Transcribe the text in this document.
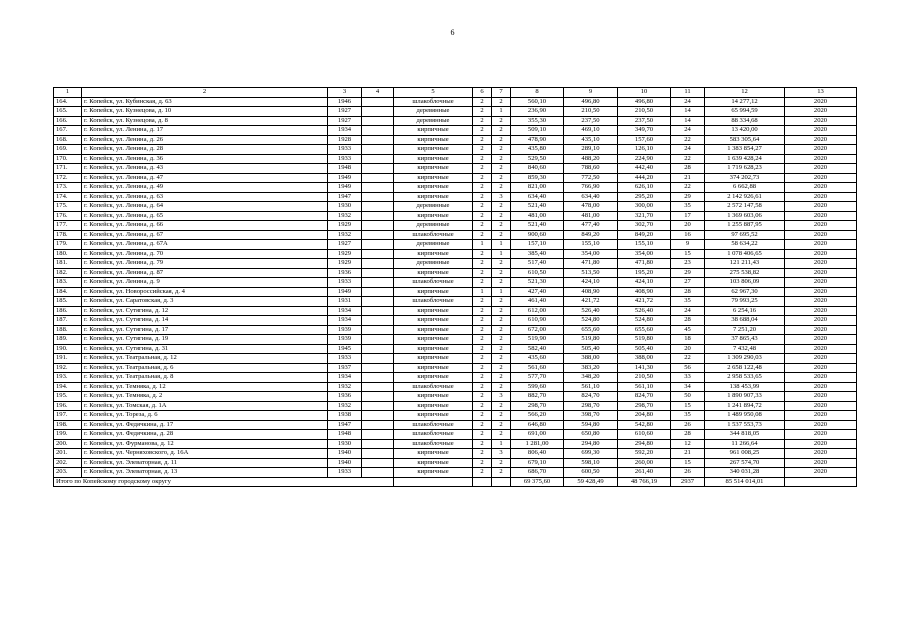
6
1	2	3	4	5	6	7	8	9	10	11	12	13
164.	г. Копейск, ул. Кубинская, д. 63	1946		шлакоблочные	2	2	560,10	496,80	496,80	24	14 277,12	2020
165.	г. Копейск, ул. Кузнецова, д. 10	1927		деревянные	2	1	236,90	210,50	210,50	14	65 994,59	2020
166.	г. Копейск, ул. Кузнецова, д. 8	1927		деревянные	2	2	355,30	237,50	237,50	14	88 334,68	2020
167.	г. Копейск, ул. Ленина, д. 17	1934		кирпичные	2	2	509,10	469,10	349,70	24	13 420,00	2020
168.	г. Копейск, ул. Ленина, д. 26	1928		кирпичные	2	2	478,90	435,10	157,60	22	583 305,64	2020
169.	г. Копейск, ул. Ленина, д. 28	1933		кирпичные	2	2	435,80	289,10	126,10	24	1 383 854,27	2020
170.	г. Копейск, ул. Ленина, д. 36	1933		кирпичные	2	2	529,50	488,20	224,90	22	1 639 428,24	2020
171.	г. Копейск, ул. Ленина, д. 43	1948		кирпичные	2	2	840,60	788,60	442,40	28	1 719 628,23	2020
172.	г. Копейск, ул. Ленина, д. 47	1949		кирпичные	2	2	859,30	772,50	444,20	21	374 202,73	2020
173.	г. Копейск, ул. Ленина, д. 49	1949		кирпичные	2	2	821,00	766,90	626,10	22	6 662,88	2020
174.	г. Копейск, ул. Ленина, д. 63	1947		кирпичные	2	3	634,40	634,40	295,20	29	2 142 926,61	2020
175.	г. Копейск, ул. Ленина, д. 64	1930		деревянные	2	2	521,40	478,00	300,00	35	2 572 147,58	2020
176.	г. Копейск, ул. Ленина, д. 65	1932		кирпичные	2	2	481,00	481,00	321,70	17	1 369 603,06	2020
177.	г. Копейск, ул. Ленина, д. 66	1929		деревянные	2	2	521,40	477,40	302,70	20	1 255 887,95	2020
178.	г. Копейск, ул. Ленина, д. 67	1932		шлакоблочные	2	2	900,60	849,20	849,20	16	97 695,52	2020
179.	г. Копейск, ул. Ленина, д. 67А	1927		деревянные	1	1	157,10	155,10	155,10	9	58 634,22	2020
180.	г. Копейск, ул. Ленина, д. 70	1929		кирпичные	2	1	385,40	354,00	354,00	15	1 078 406,65	2020
181.	г. Копейск, ул. Ленина, д. 79	1929		деревянные	2	2	517,40	471,80	471,80	23	121 211,43	2020
182.	г. Копейск, ул. Ленина, д. 87	1936		кирпичные	2	2	610,50	513,50	195,20	29	275 538,82	2020
183.	г. Копейск, ул. Ленина, д. 9	1933		шлакоблочные	2	2	521,30	424,10	424,10	27	103 806,09	2020
184.	г. Копейск, ул. Новороссийская, д. 4	1949		кирпичные	1	1	427,40	408,90	408,90	28	62 967,30	2020
185.	г. Копейск, ул. Саратовская, д. 3	1931		шлакоблочные	2	2	461,40	421,72	421,72	35	79 993,25	2020
186.	г. Копейск, ул. Сутягина, д. 12	1934		кирпичные	2	2	612,00	526,40	526,40	24	6 254,16	2020
187.	г. Копейск, ул. Сутягина, д. 14	1934		кирпичные	2	2	610,90	524,80	524,80	28	38 688,04	2020
188.	г. Копейск, ул. Сутягина, д. 17	1939		кирпичные	2	2	672,00	655,60	655,60	45	7 251,20	2020
189.	г. Копейск, ул. Сутягина, д. 19	1939		кирпичные	2	2	519,90	519,80	519,80	18	37 865,43	2020
190.	г. Копейск, ул. Сутягина, д. 31	1945		кирпичные	2	2	582,40	505,40	505,40	20	7 432,48	2020
191.	г. Копейск, ул. Театральная, д. 12	1933		кирпичные	2	2	435,60	388,00	388,00	22	1 309 290,03	2020
192.	г. Копейск, ул. Театральная, д. 6	1937		кирпичные	2	2	561,60	383,20	141,30	56	2 658 122,48	2020
193.	г. Копейск, ул. Театральная, д. 8	1934		кирпичные	2	2	577,70	348,20	210,50	33	2 958 533,65	2020
194.	г. Копейск, ул. Темняка, д. 12	1932		шлакоблочные	2	2	599,60	561,10	561,10	34	138 453,99	2020
195.	г. Копейск, ул. Темняка, д. 2	1936		кирпичные	2	3	882,70	824,70	824,70	50	1 890 907,33	2020
196.	г. Копейск, ул. Томская, д. 1А	1932		кирпичные	2	2	298,70	298,70	298,70	15	1 241 894,72	2020
197.	г. Копейск, ул. Тореза, д. 6	1938		кирпичные	2	2	566,20	398,70	204,80	35	1 489 950,08	2020
198.	г. Копейск, ул. Федячкина, д. 17	1947		шлакоблочные	2	2	646,80	594,80	542,80	26	1 537 553,73	2020
199.	г. Копейск, ул. Федячкина, д. 28	1948		шлакоблочные	2	2	691,00	650,80	610,60	28	344 818,05	2020
200.	г. Копейск, ул. Фурманова, д. 12	1930		шлакоблочные	2	1	1 281,00	294,80	294,80	12	11 266,64	2020
201.	г. Копейск, ул. Черняховского, д. 16А	1940		кирпичные	2	3	806,40	699,30	592,20	21	961 008,25	2020
202.	г. Копейск, ул. Элеваторная, д. 11	1940		кирпичные	2	2	679,10	598,10	260,00	15	267 574,70	2020
203.	г. Копейск, ул. Элеваторная, д. 13	1933		кирпичные	2	2	686,70	600,50	261,40	26	340 031,28	2020
Итого по Копейскому городскому округу							69 375,60	59 428,49	48 766,19	2937	85 514 014,01	
